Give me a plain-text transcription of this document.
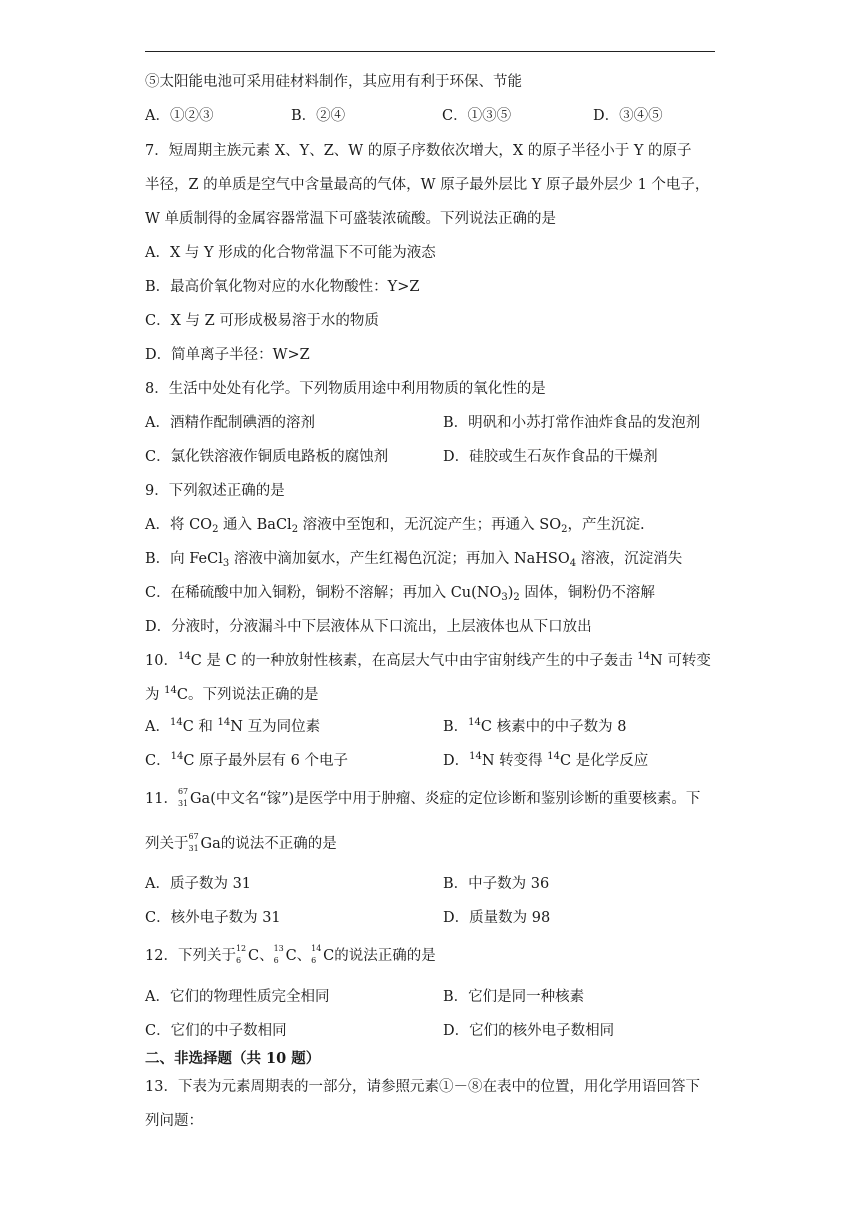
⑤太阳能电池可采用硅材料制作，其应用有利于环保、节能
A．①②③	B．②④	C．①③⑤	D．③④⑤
7．短周期主族元素 X、Y、Z、W 的原子序数依次增大，X 的原子半径小于 Y 的原子
半径，Z 的单质是空气中含量最高的气体，W 原子最外层比 Y 原子最外层少 1 个电子，
W 单质制得的金属容器常温下可盛装浓硫酸。下列说法正确的是
A．X 与 Y 形成的化合物常温下不可能为液态
B．最高价氧化物对应的水化物酸性：Y>Z
C．X 与 Z 可形成极易溶于水的物质
D．简单离子半径：W>Z
8．生活中处处有化学。下列物质用途中利用物质的氧化性的是
A．酒精作配制碘酒的溶剂	B．明矾和小苏打常作油炸食品的发泡剂
C．氯化铁溶液作铜质电路板的腐蚀剂	D．硅胶或生石灰作食品的干燥剂
9．下列叙述正确的是
A．将 $CO_2$ 通入 BaCl$_2$ 溶液中至饱和，无沉淀产生；再通入 $SO_2$，产生沉淀.
B．向 FeCl$_3$ 溶液中滴加氨水，产生红褐色沉淀；再加入 NaHSO$_4$ 溶液，沉淀消失
C．在稀硫酸中加入铜粉，铜粉不溶解；再加入 $Cu(NO_3)_2$ 固体，铜粉仍不溶解
D．分液时，分液漏斗中下层液体从下口流出，上层液体也从下口放出
10．$^{14}$C 是 C 的一种放射性核素，在高层大气中由宇宙射线产生的中子轰击 $^{14}$N 可转变
为 $^{14}$C。下列说法正确的是
A．$^{14}$C 和 $^{14}$N 互为同位素	B．$^{14}$C 核素中的中子数为 8
C．$^{14}$C 原子最外层有 6 个电子	D．$^{14}$N 转变得 $^{14}$C 是化学反应
11． 67
31 Ga(中文名“镓”)是医学中用于肿瘤、炎症的定位诊断和鉴别诊断的重要核素。下
列关于 67
31 Ga的说法不正确的是
A．质子数为 31	B．中子数为 36
C．核外电子数为 31	D．质量数为 98
12．下列关于 12
6 C、 13
6 C、 14
6 C的说法正确的是
A．它们的物理性质完全相同	B．它们是同一种核素
C．它们的中子数相同	D．它们的核外电子数相同
二、非选择题（共 10 题）
13．下表为元素周期表的一部分，请参照元素①－⑧在表中的位置，用化学用语回答下
列问题：
